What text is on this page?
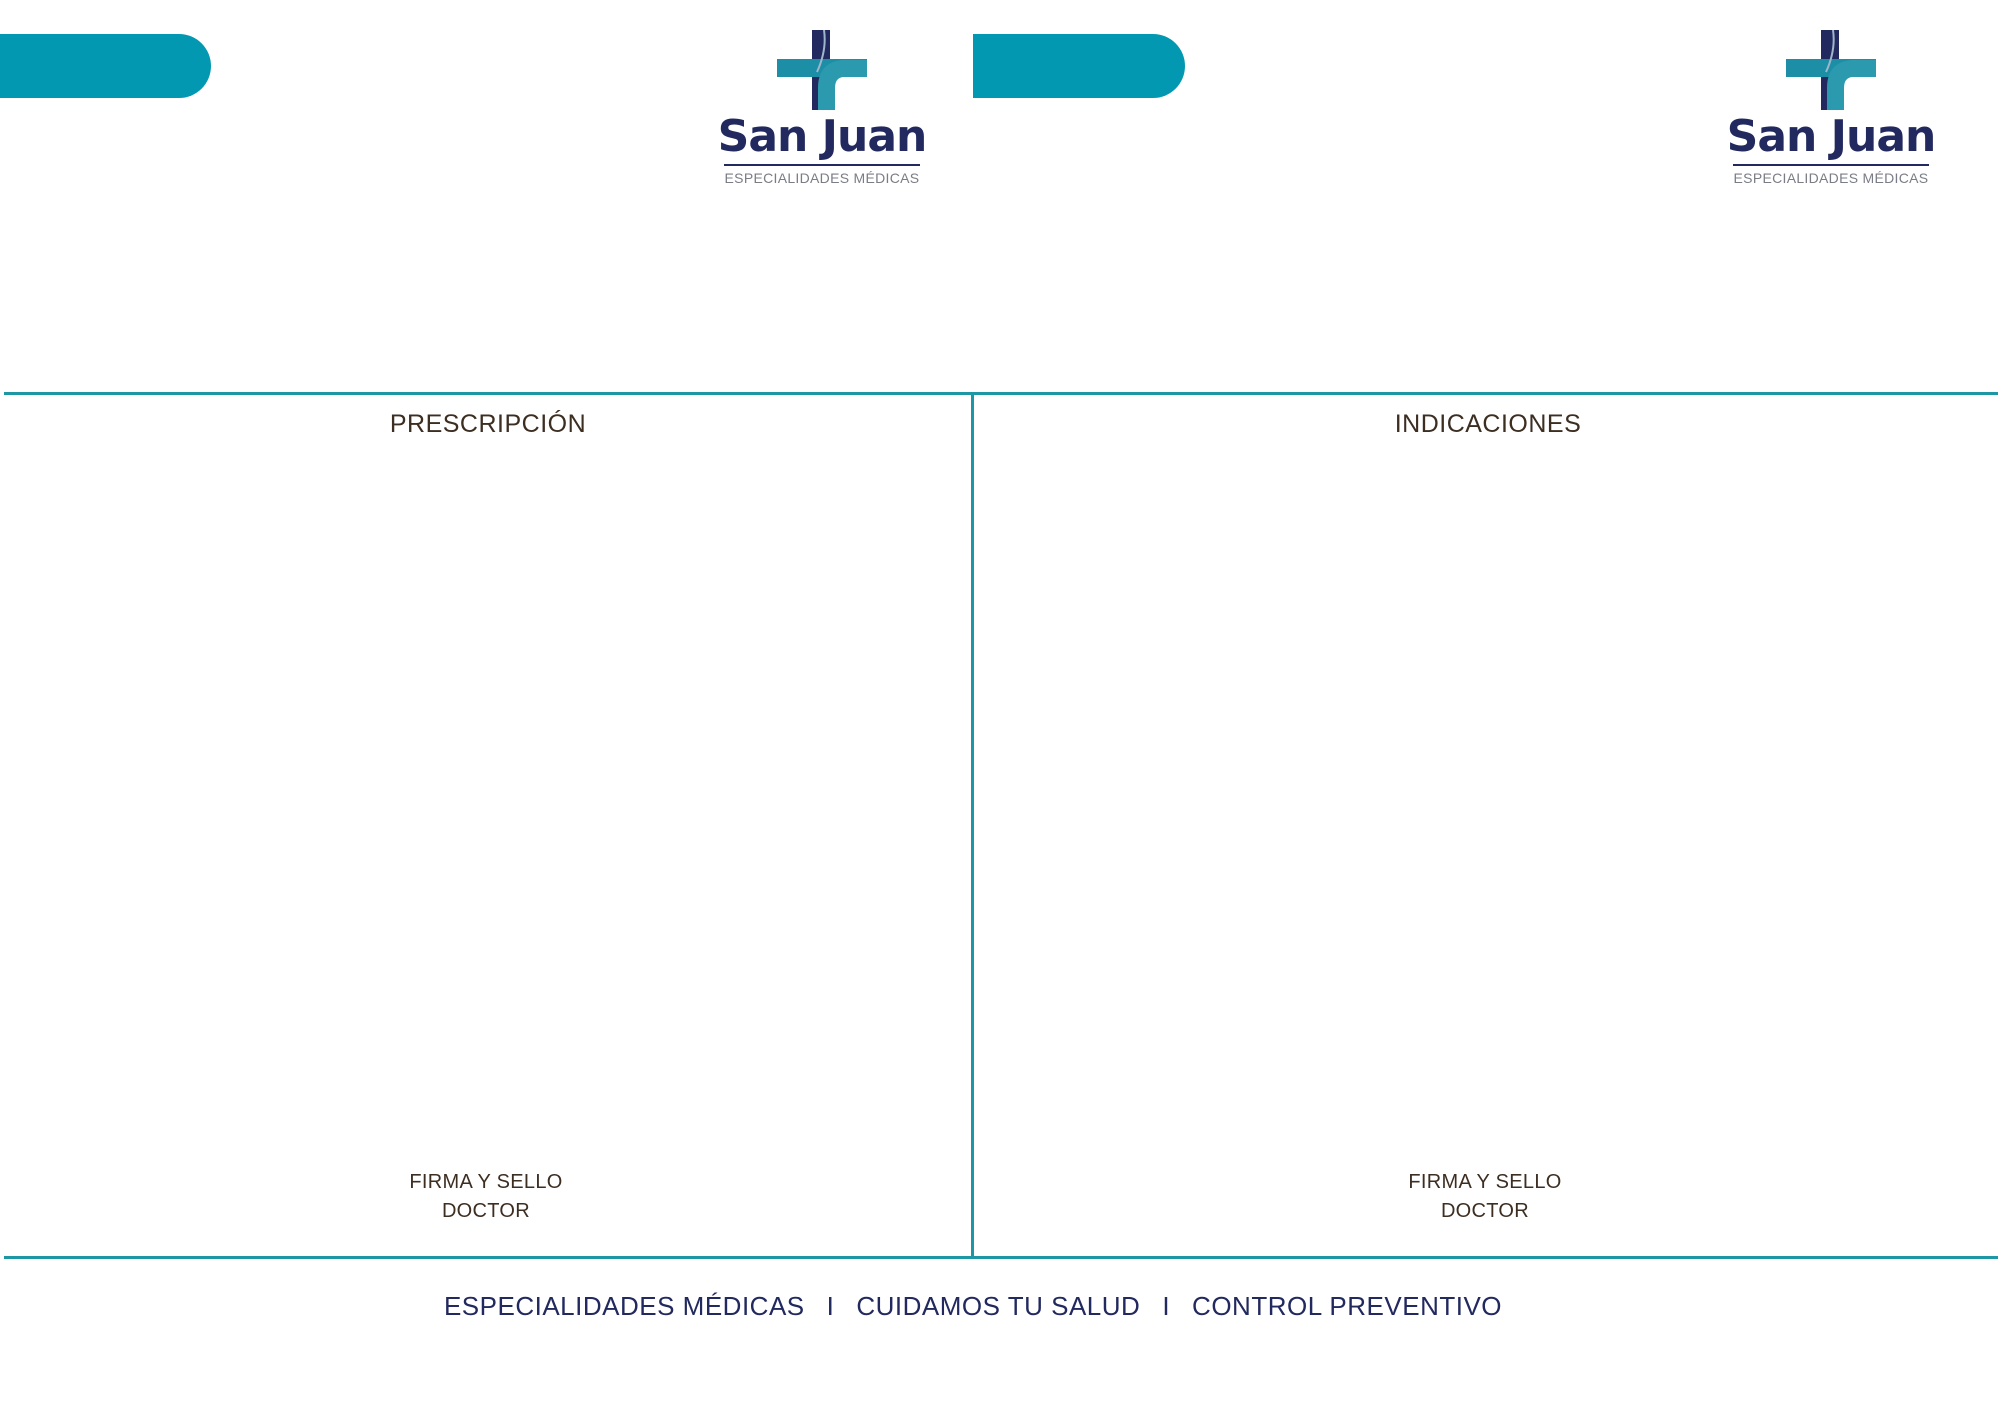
San Juan
ESPECIALIDADES MÉDICAS
San Juan
ESPECIALIDADES MÉDICAS
PRESCRIPCIÓN	INDICACIONES
FIRMA Y SELLO
DOCTOR
FIRMA Y SELLO
DOCTOR
ESPECIALIDADES MÉDICAS I CUIDAMOS TU SALUD I CONTROL PREVENTIVO
